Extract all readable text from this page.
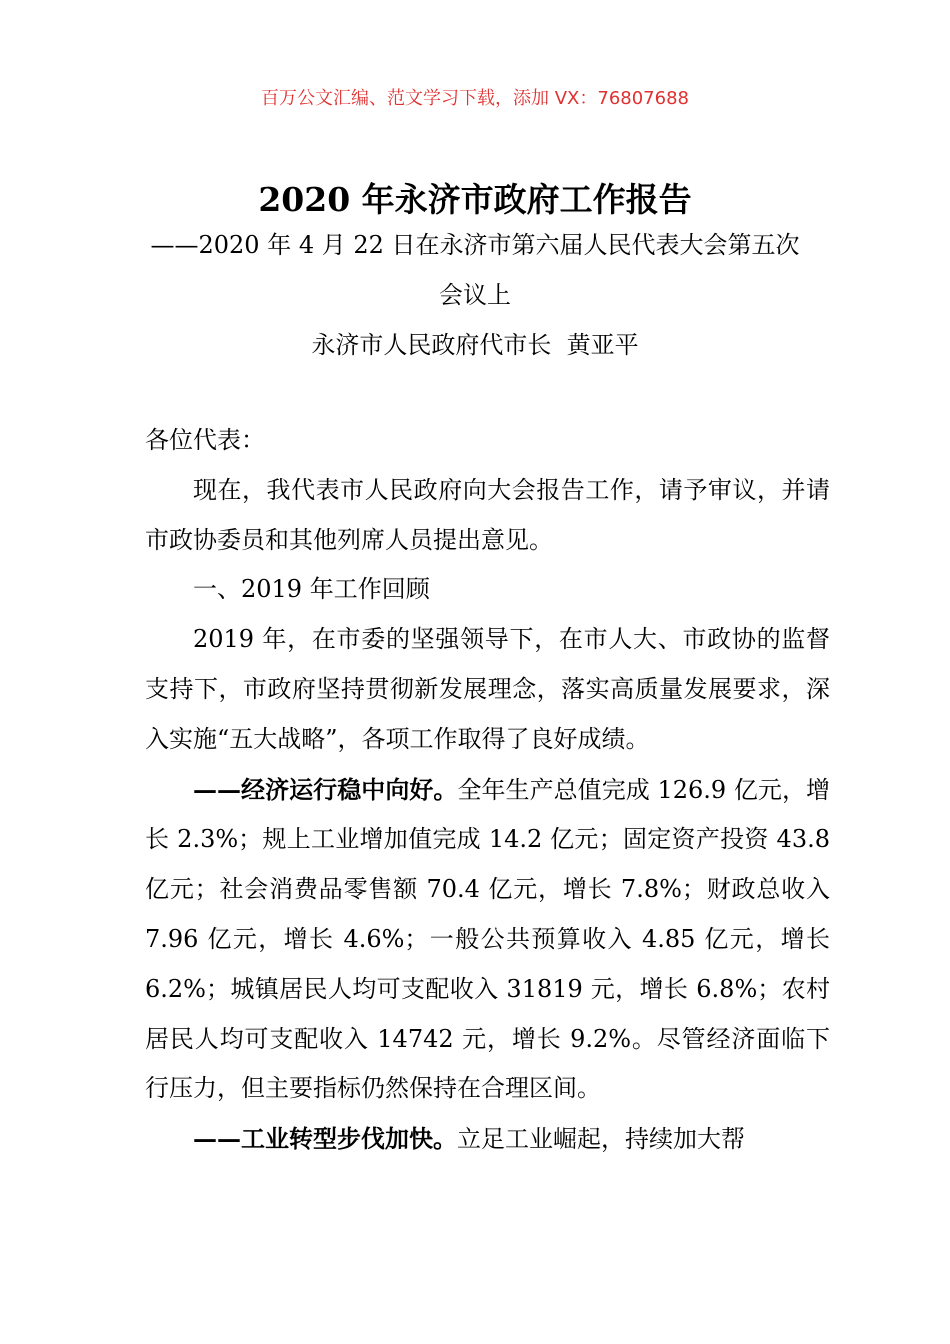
百万公文汇编、范文学习下载，添加 VX：76807688
2020 年永济市政府工作报告
——2020 年 4 月 22 日在永济市第六届人民代表大会第五次
会议上
永济市人民政府代市长  黄亚平

各位代表：

现在，我代表市人民政府向大会报告工作，请予审议，并请市政协委员和其他列席人员提出意见。

一、2019 年工作回顾

2019 年，在市委的坚强领导下，在市人大、市政协的监督支持下，市政府坚持贯彻新发展理念，落实高质量发展要求，深入实施“五大战略”，各项工作取得了良好成绩。

——经济运行稳中向好。全年生产总值完成 126.9 亿元，增长 2.3%；规上工业增加值完成 14.2 亿元；固定资产投资 43.8 亿元；社会消费品零售额 70.4 亿元，增长 7.8%；财政总收入 7.96 亿元，增长 4.6%；一般公共预算收入 4.85 亿元，增长 6.2%；城镇居民人均可支配收入 31819 元，增长 6.8%；农村居民人均可支配收入 14742 元，增长 9.2%。尽管经济面临下行压力，但主要指标仍然保持在合理区间。

——工业转型步伐加快。立足工业崛起，持续加大帮
